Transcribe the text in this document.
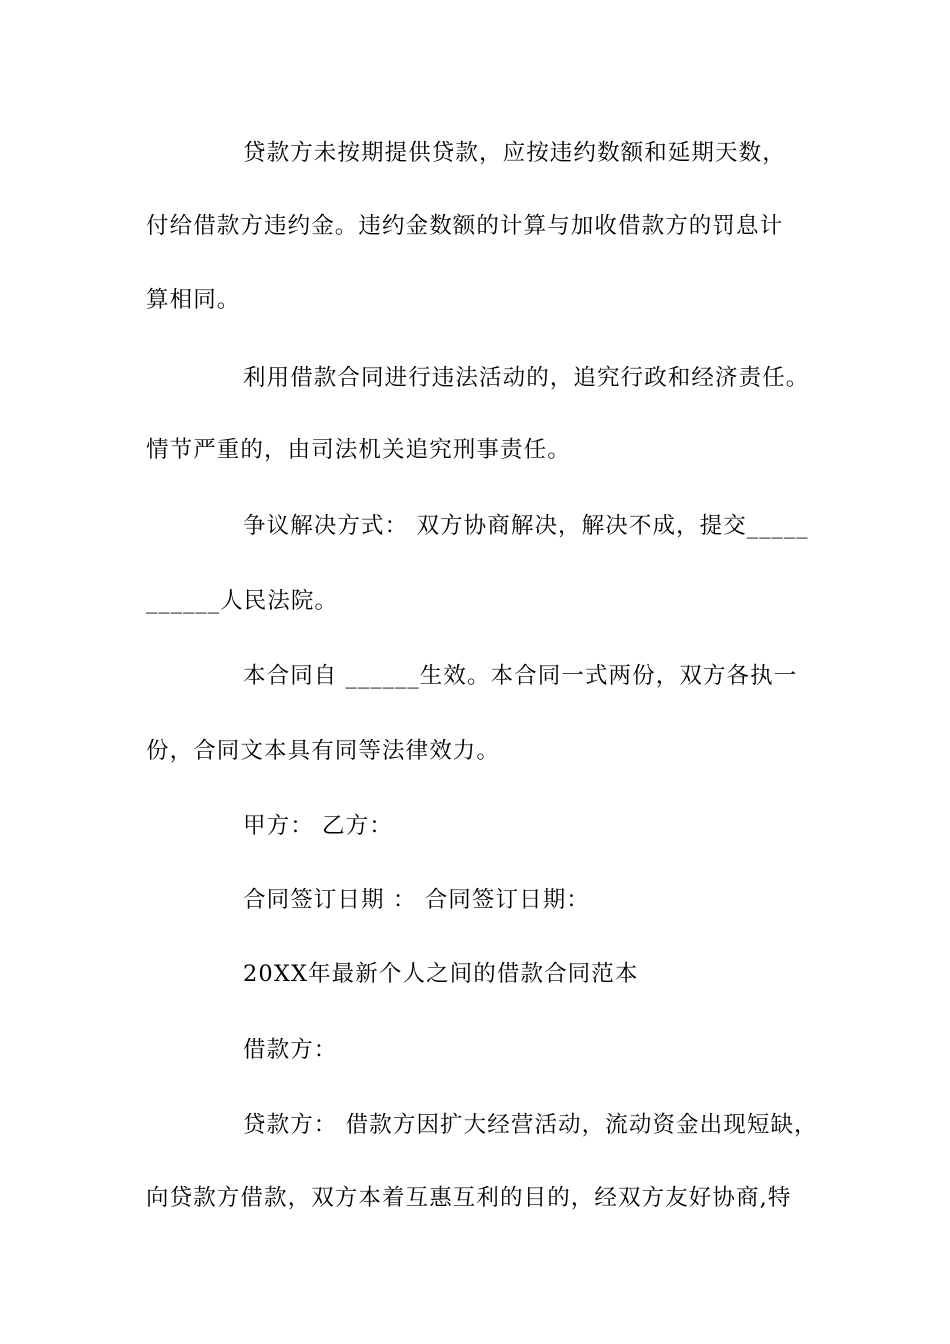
贷款方未按期提供贷款，应按违约数额和延期天数，
付给借款方违约金。违约金数额的计算与加收借款方的罚息计
算相同。
利用借款合同进行违法活动的，追究行政和经济责任。
情节严重的，由司法机关追究刑事责任。
争议解决方式： 双方协商解决，解决不成，提交_____
______人民法院。
本合同自 ______生效。本合同一式两份，双方各执一
份，合同文本具有同等法律效力。
甲方： 乙方：
合同签订日期 ： 合同签订日期：
20XX年最新个人之间的借款合同范本
借款方：
贷款方： 借款方因扩大经营活动，流动资金出现短缺，
向贷款方借款，双方本着互惠互利的目的，经双方友好协商,特
